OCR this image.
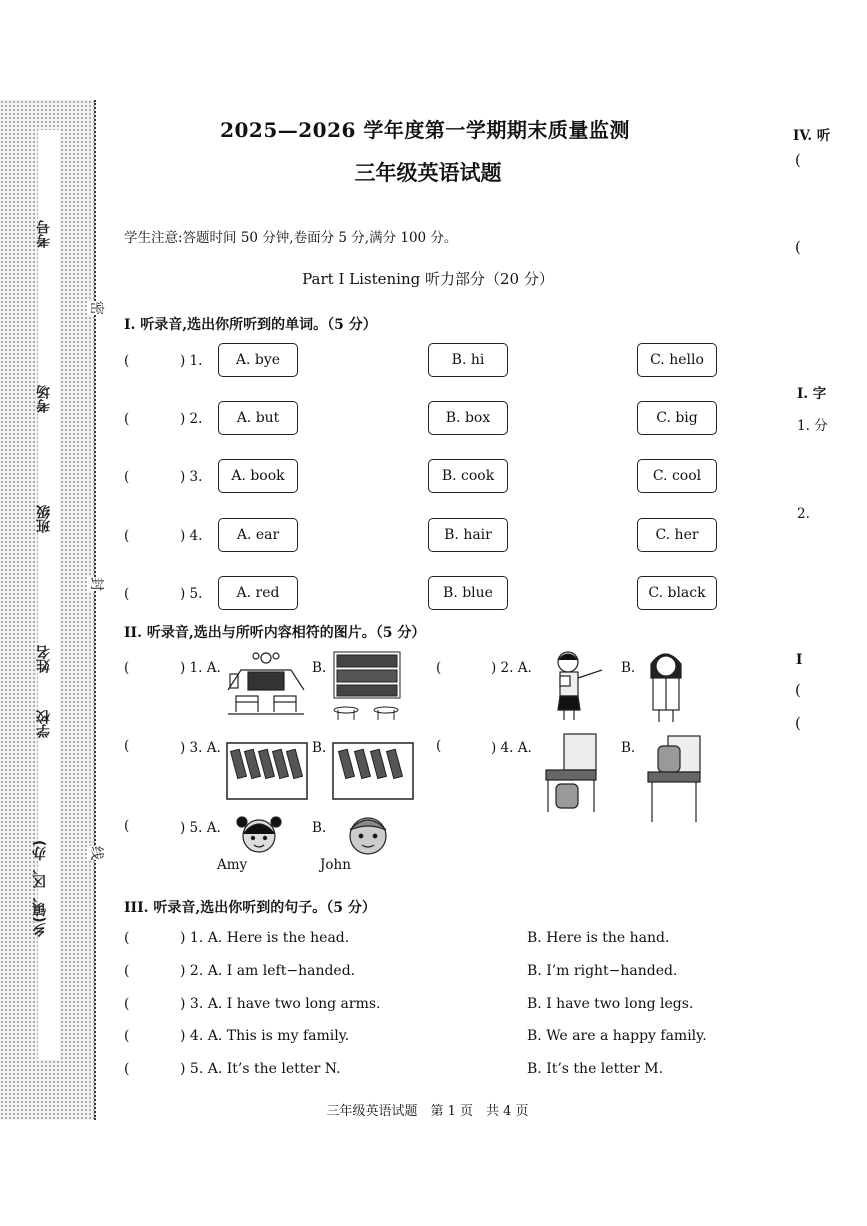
考号
考场
班级
姓名
学校
乡(镇、区、办)
密
封
线
2025—2026 学年度第一学期期末质量监测
三年级英语试题
学生注意:答题时间 50 分钟,卷面分 5 分,满分 100 分。
Part I Listening 听力部分（20 分）
I. 听录音,选出你所听到的单词。（5 分）
(	) 1.	A. bye	B. hi	C. hello
(	) 2.	A. but	B. box	C. big
(	) 3.	A. book	B. cook	C. cool
(	) 4.	A. ear	B. hair	C. her
(	) 5.	A. red	B. blue	C. black
II. 听录音,选出与所听内容相符的图片。（5 分）
(	) 1. A.	B.	(	) 2. A.	B.
(	) 3. A.	B.	(	) 4. A.	B.
(	) 5. A.	B.
Amy	John
III. 听录音,选出你听到的句子。（5 分）
(	) 1. A. Here is the head.	B. Here is the hand.
(	) 2. A. I am left−handed.	B. I’m right−handed.
(	) 3. A. I have two long arms.	B. I have two long legs.
(	) 4. A. This is my family.	B. We are a happy family.
(	) 5. A. It’s the letter N.	B. It’s the letter M.
三年级英语试题　第 1 页　共 4 页
IV. 听
(
(
I. 字
1. 分
2.
I
(
(
